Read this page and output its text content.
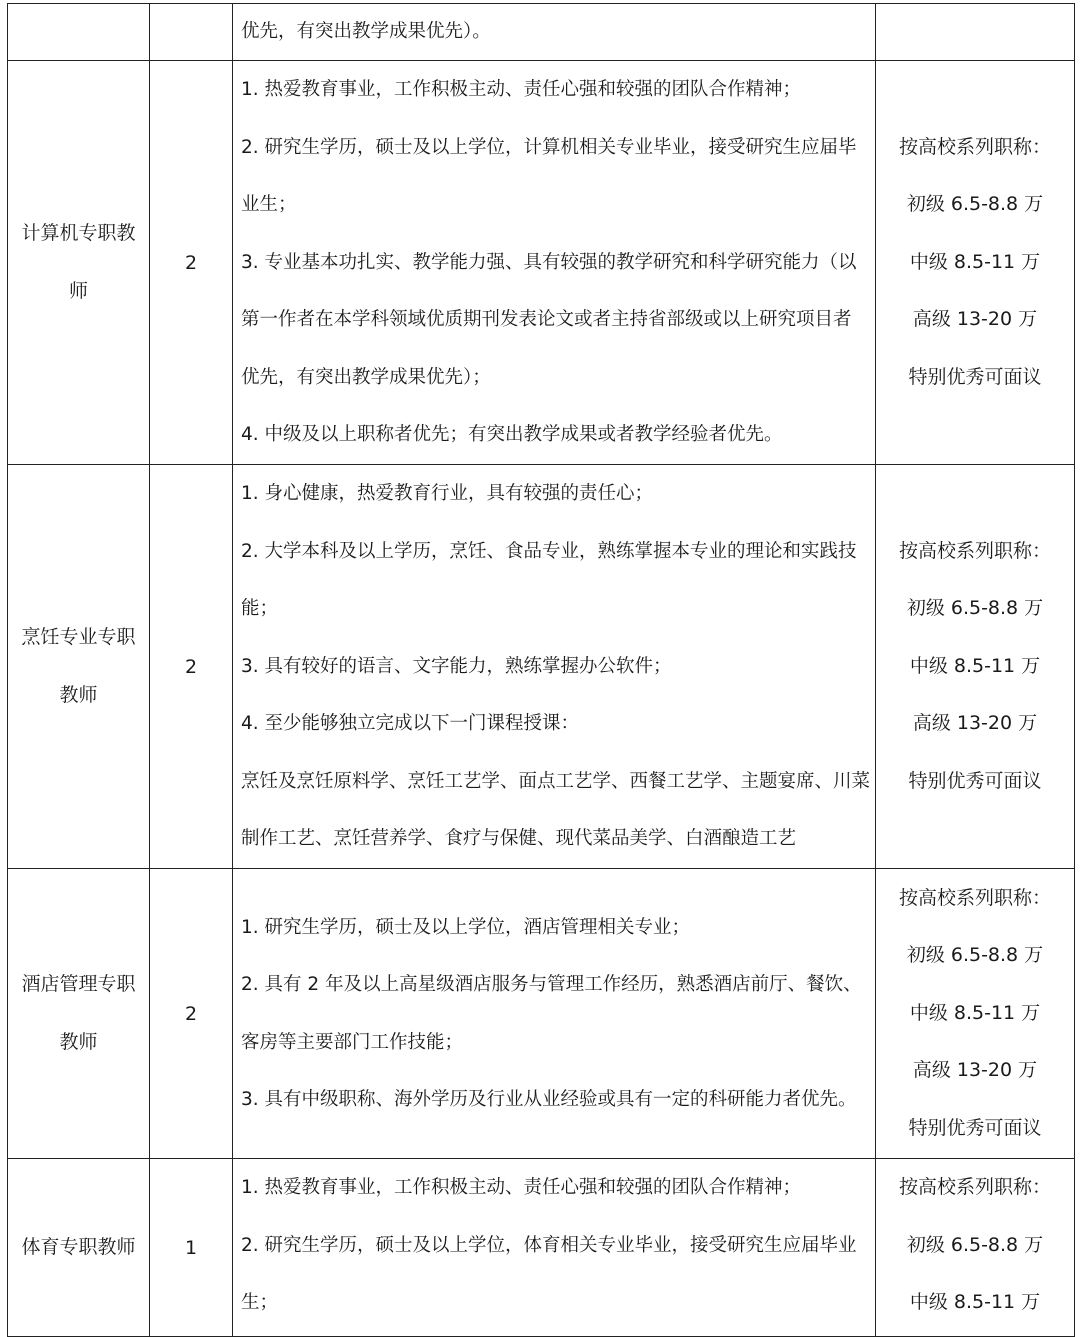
优先，有突出教学成果优先）。
计算机专职教
师
2
1. 热爱教育事业，工作积极主动、责任心强和较强的团队合作精神；
2. 研究生学历，硕士及以上学位，计算机相关专业毕业，接受研究生应届毕
业生；
3. 专业基本功扎实、教学能力强、具有较强的教学研究和科学研究能力（以
第一作者在本学科领域优质期刊发表论文或者主持省部级或以上研究项目者
优先，有突出教学成果优先）；
4. 中级及以上职称者优先；有突出教学成果或者教学经验者优先。
按高校系列职称：
初级 6.5-8.8 万
中级 8.5-11 万
高级 13-20 万
特别优秀可面议
烹饪专业专职
教师
2
1. 身心健康，热爱教育行业，具有较强的责任心；
2. 大学本科及以上学历，烹饪、食品专业，熟练掌握本专业的理论和实践技
能；
3. 具有较好的语言、文字能力，熟练掌握办公软件；
4. 至少能够独立完成以下一门课程授课：
烹饪及烹饪原料学、烹饪工艺学、面点工艺学、西餐工艺学、主题宴席、川菜
制作工艺、烹饪营养学、食疗与保健、现代菜品美学、白酒酿造工艺
按高校系列职称：
初级 6.5-8.8 万
中级 8.5-11 万
高级 13-20 万
特别优秀可面议
酒店管理专职
教师
2
1. 研究生学历，硕士及以上学位，酒店管理相关专业；
2. 具有 2 年及以上高星级酒店服务与管理工作经历，熟悉酒店前厅、餐饮、
客房等主要部门工作技能；
3. 具有中级职称、海外学历及行业从业经验或具有一定的科研能力者优先。
按高校系列职称：
初级 6.5-8.8 万
中级 8.5-11 万
高级 13-20 万
特别优秀可面议
体育专职教师	1
1. 热爱教育事业，工作积极主动、责任心强和较强的团队合作精神；
2. 研究生学历，硕士及以上学位，体育相关专业毕业，接受研究生应届毕业
生；
按高校系列职称：
初级 6.5-8.8 万
中级 8.5-11 万
